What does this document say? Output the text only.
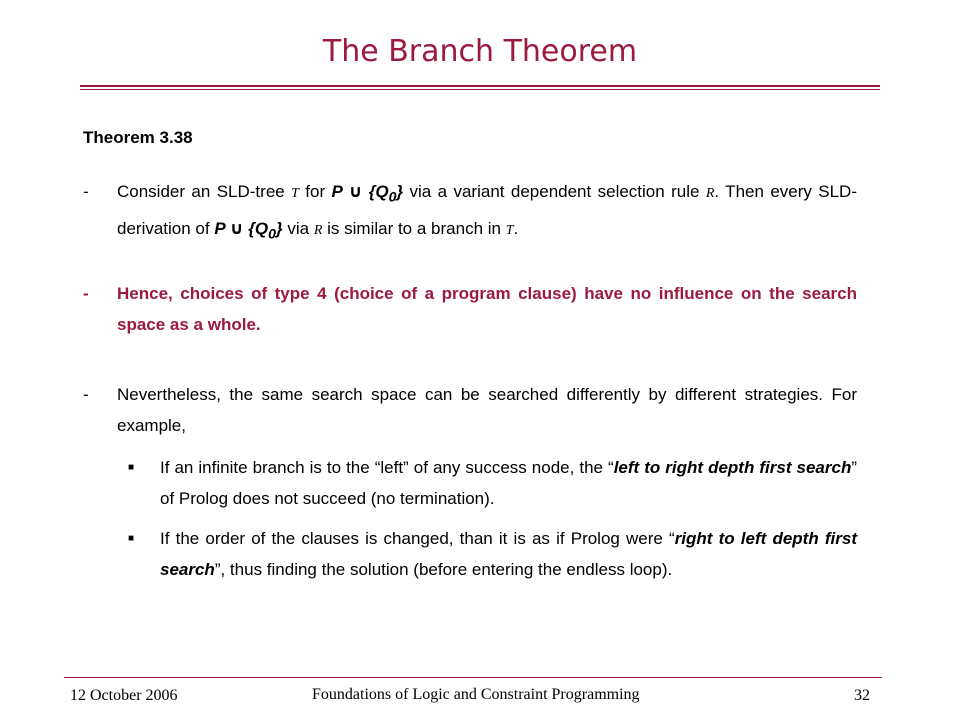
The Branch Theorem
Theorem 3.38
-	Consider an SLD-tree T for P ∪ $\{Q_0\}$ via a variant dependent selection rule R. Then every SLD-derivation of P ∪ $\{Q_0\}$ via R is similar to a branch in T.
-	Hence, choices of type 4 (choice of a program clause) have no influence on the search space as a whole.
-	Nevertheless, the same search space can be searched differently by different strategies. For example,
■ If an infinite branch is to the “left” of any success node, the “left to right depth first search” of Prolog does not succeed (no termination).
■ If the order of the clauses is changed, than it is as if Prolog were “right to left depth first search”, thus finding the solution (before entering the endless loop).
12 October 2006	Foundations of Logic and Constraint Programming	32
